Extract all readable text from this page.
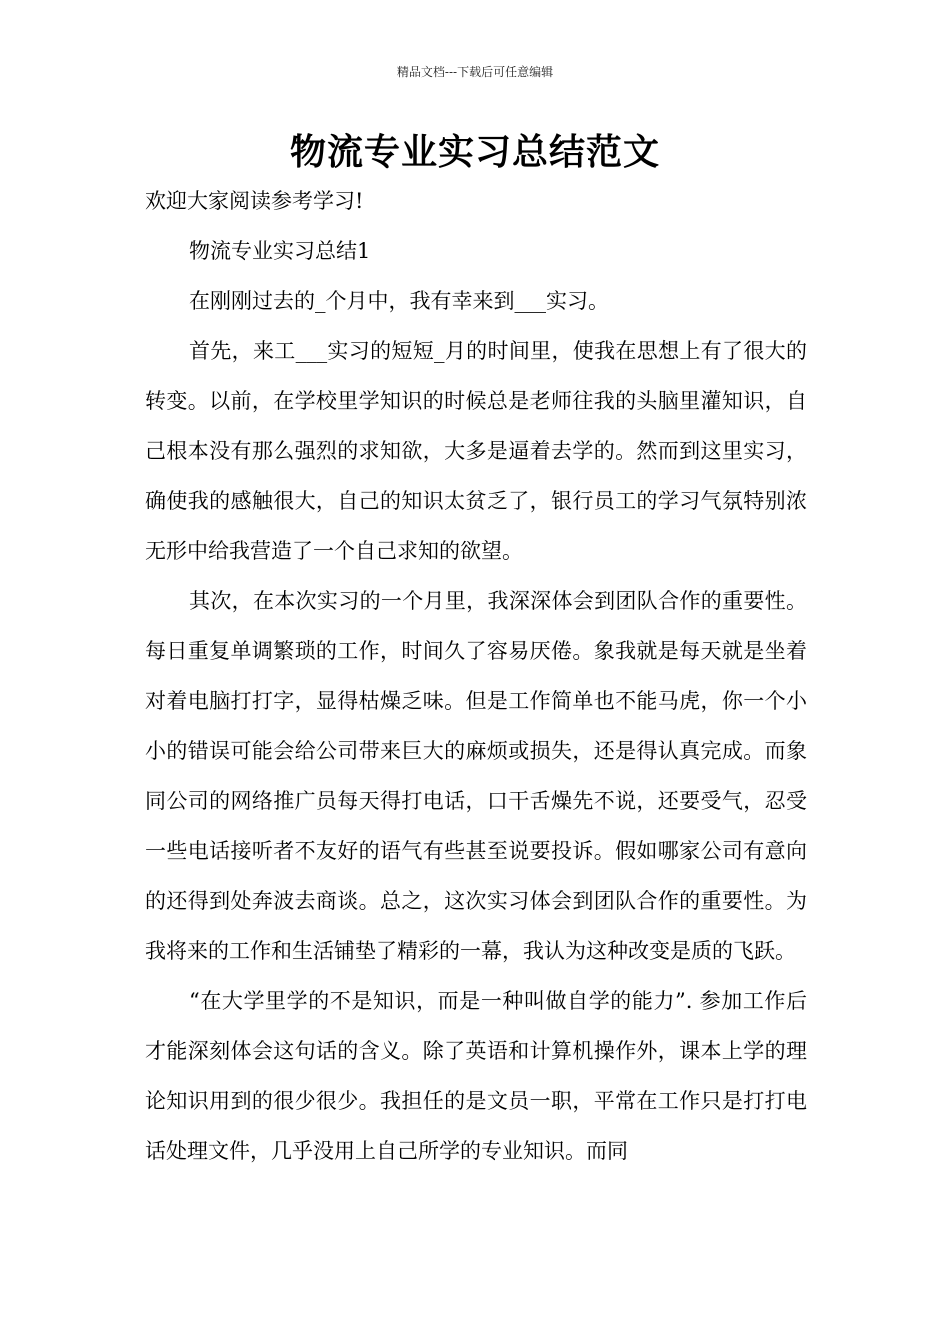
精品文档---下载后可任意编辑
物流专业实习总结范文

欢迎大家阅读参考学习!

物流专业实习总结1

在刚刚过去的_个月中，我有幸来到___实习。

首先，来工___实习的短短_月的时间里，使我在思想上有了很大的转变。以前，在学校里学知识的时候总是老师往我的头脑里灌知识，自己根本没有那么强烈的求知欲，大多是逼着去学的。然而到这里实习，确使我的感触很大，自己的知识太贫乏了，银行员工的学习气氛特别浓无形中给我营造了一个自己求知的欲望。

其次，在本次实习的一个月里，我深深体会到团队合作的重要性。每日重复单调繁琐的工作，时间久了容易厌倦。象我就是每天就是坐着对着电脑打打字，显得枯燥乏味。但是工作简单也不能马虎，你一个小小的错误可能会给公司带来巨大的麻烦或损失，还是得认真完成。而象同公司的网络推广员每天得打电话，口干舌燥先不说，还要受气，忍受一些电话接听者不友好的语气有些甚至说要投诉。假如哪家公司有意向的还得到处奔波去商谈。总之，这次实习体会到团队合作的重要性。为我将来的工作和生活铺垫了精彩的一幕，我认为这种改变是质的飞跃。

“在大学里学的不是知识，而是一种叫做自学的能力”. 参加工作后才能深刻体会这句话的含义。除了英语和计算机操作外，课本上学的理论知识用到的很少很少。我担任的是文员一职，平常在工作只是打打电话处理文件，几乎没用上自己所学的专业知识。而同
